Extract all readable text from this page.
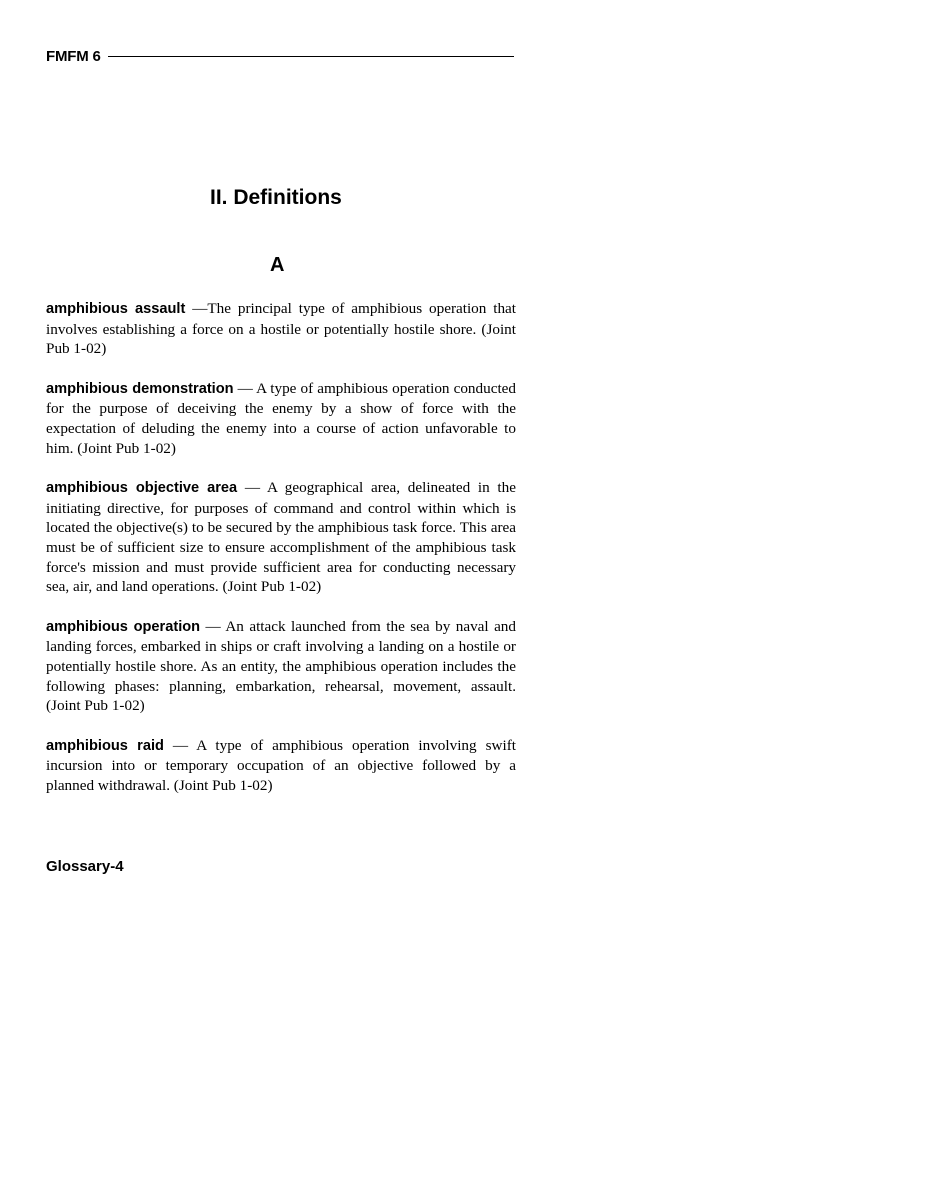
FMFM 6
II. Definitions
A

amphibious assault —The principal type of amphibious operation that involves establishing a force on a hostile or potentially hostile shore. (Joint Pub 1-02)

amphibious demonstration — A type of amphibious operation conducted for the purpose of deceiving the enemy by a show of force with the expectation of deluding the enemy into a course of action unfavorable to him. (Joint Pub 1-02)

amphibious objective area — A geographical area, delineated in the initiating directive, for purposes of command and control within which is located the objective(s) to be secured by the amphibious task force. This area must be of sufficient size to ensure accomplishment of the amphibious task force's mission and must provide sufficient area for conducting necessary sea, air, and land operations. (Joint Pub 1-02)

amphibious operation — An attack launched from the sea by naval and landing forces, embarked in ships or craft involving a landing on a hostile or potentially hostile shore. As an entity, the amphibious operation includes the following phases: planning, embarkation, rehearsal, movement, assault. (Joint Pub 1-02)

amphibious raid — A type of amphibious operation involving swift incursion into or temporary occupation of an objective followed by a planned withdrawal. (Joint Pub 1-02)

Glossary-4
